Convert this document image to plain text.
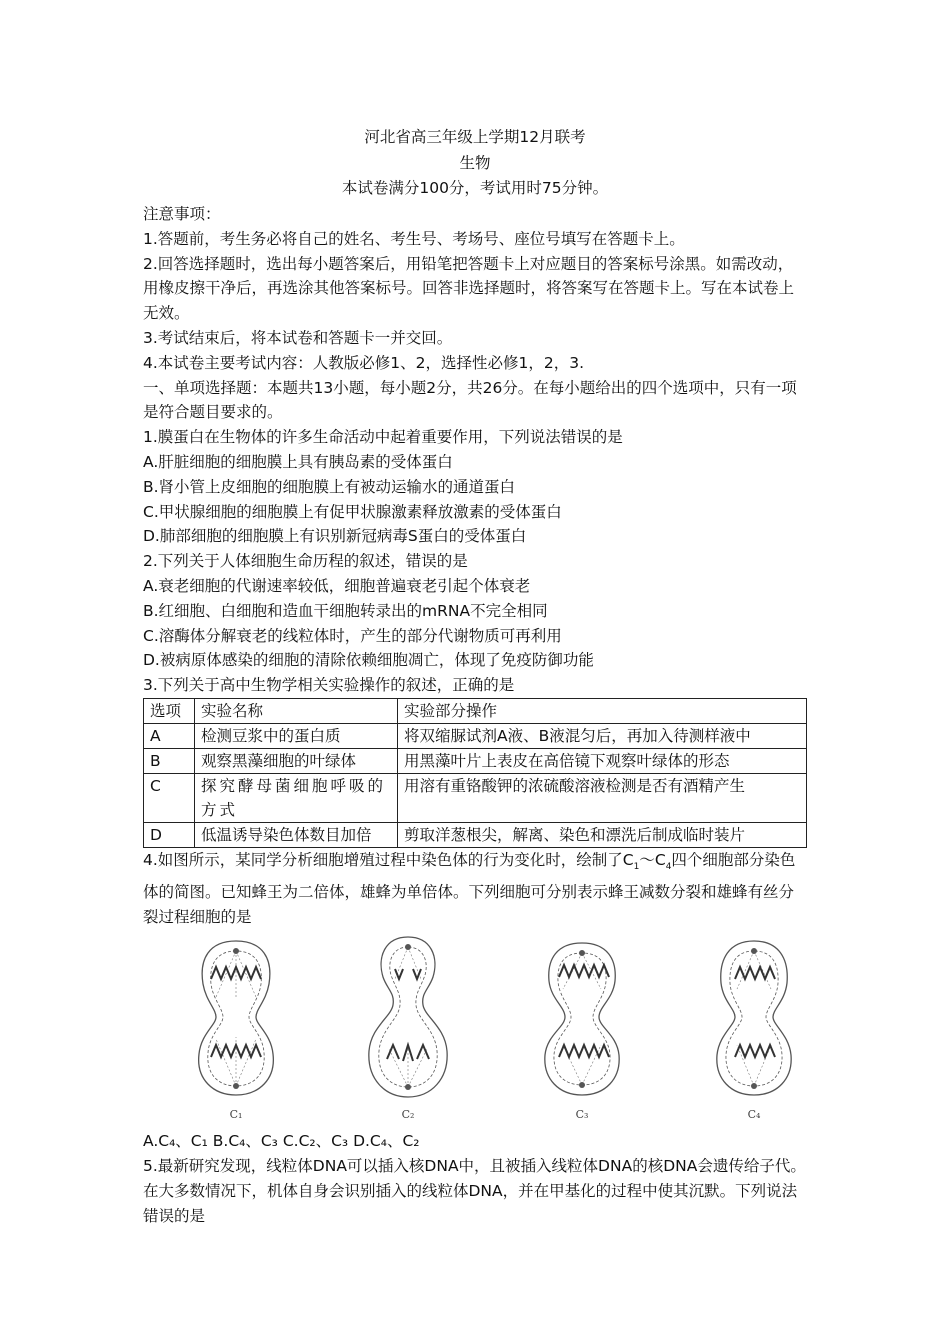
河北省高三年级上学期12月联考
生物
本试卷满分100分，考试用时75分钟。

注意事项：

1.答题前，考生务必将自己的姓名、考生号、考场号、座位号填写在答题卡上。

2.回答选择题时，选出每小题答案后，用铅笔把答题卡上对应题目的答案标号涂黑。如需改动，用橡皮擦干净后，再选涂其他答案标号。回答非选择题时，将答案写在答题卡上。写在本试卷上无效。

3.考试结束后，将本试卷和答题卡一并交回。

4.本试卷主要考试内容：人教版必修1、2，选择性必修1，2，3.

一、单项选择题：本题共13小题，每小题2分，共26分。在每小题给出的四个选项中，只有一项是符合题目要求的。

1.膜蛋白在生物体的许多生命活动中起着重要作用，下列说法错误的是

A.肝脏细胞的细胞膜上具有胰岛素的受体蛋白

B.肾小管上皮细胞的细胞膜上有被动运输水的通道蛋白

C.甲状腺细胞的细胞膜上有促甲状腺激素释放激素的受体蛋白

D.肺部细胞的细胞膜上有识别新冠病毒S蛋白的受体蛋白

2.下列关于人体细胞生命历程的叙述，错误的是

A.衰老细胞的代谢速率较低，细胞普遍衰老引起个体衰老

B.红细胞、白细胞和造血干细胞转录出的mRNA不完全相同

C.溶酶体分解衰老的线粒体时，产生的部分代谢物质可再利用

D.被病原体感染的细胞的清除依赖细胞凋亡，体现了免疫防御功能

3.下列关于高中生物学相关实验操作的叙述，正确的是

选项	实验名称	实验部分操作
A	检测豆浆中的蛋白质	将双缩脲试剂A液、B液混匀后，再加入待测样液中
B	观察黑藻细胞的叶绿体	用黑藻叶片上表皮在高倍镜下观察叶绿体的形态
C	探究酵母菌细胞呼吸的方式	用溶有重铬酸钾的浓硫酸溶液检测是否有酒精产生
D	低温诱导染色体数目加倍	剪取洋葱根尖，解离、染色和漂洗后制成临时装片

4.如图所示，某同学分析细胞增殖过程中染色体的行为变化时，绘制了$C_1\sim C_4$四个细胞部分染色体的简图。已知蜂王为二倍体，雄蜂为单倍体。下列细胞可分别表示蜂王减数分裂和雄蜂有丝分裂过程细胞的是

C₁	C₂	C₃	C₄

A.C₄、C₁ B.C₄、C₃ C.C₂、C₃ D.C₄、C₂

5.最新研究发现，线粒体DNA可以插入核DNA中，且被插入线粒体DNA的核DNA会遗传给子代。在大多数情况下，机体自身会识别插入的线粒体DNA，并在甲基化的过程中使其沉默。下列说法错误的是
